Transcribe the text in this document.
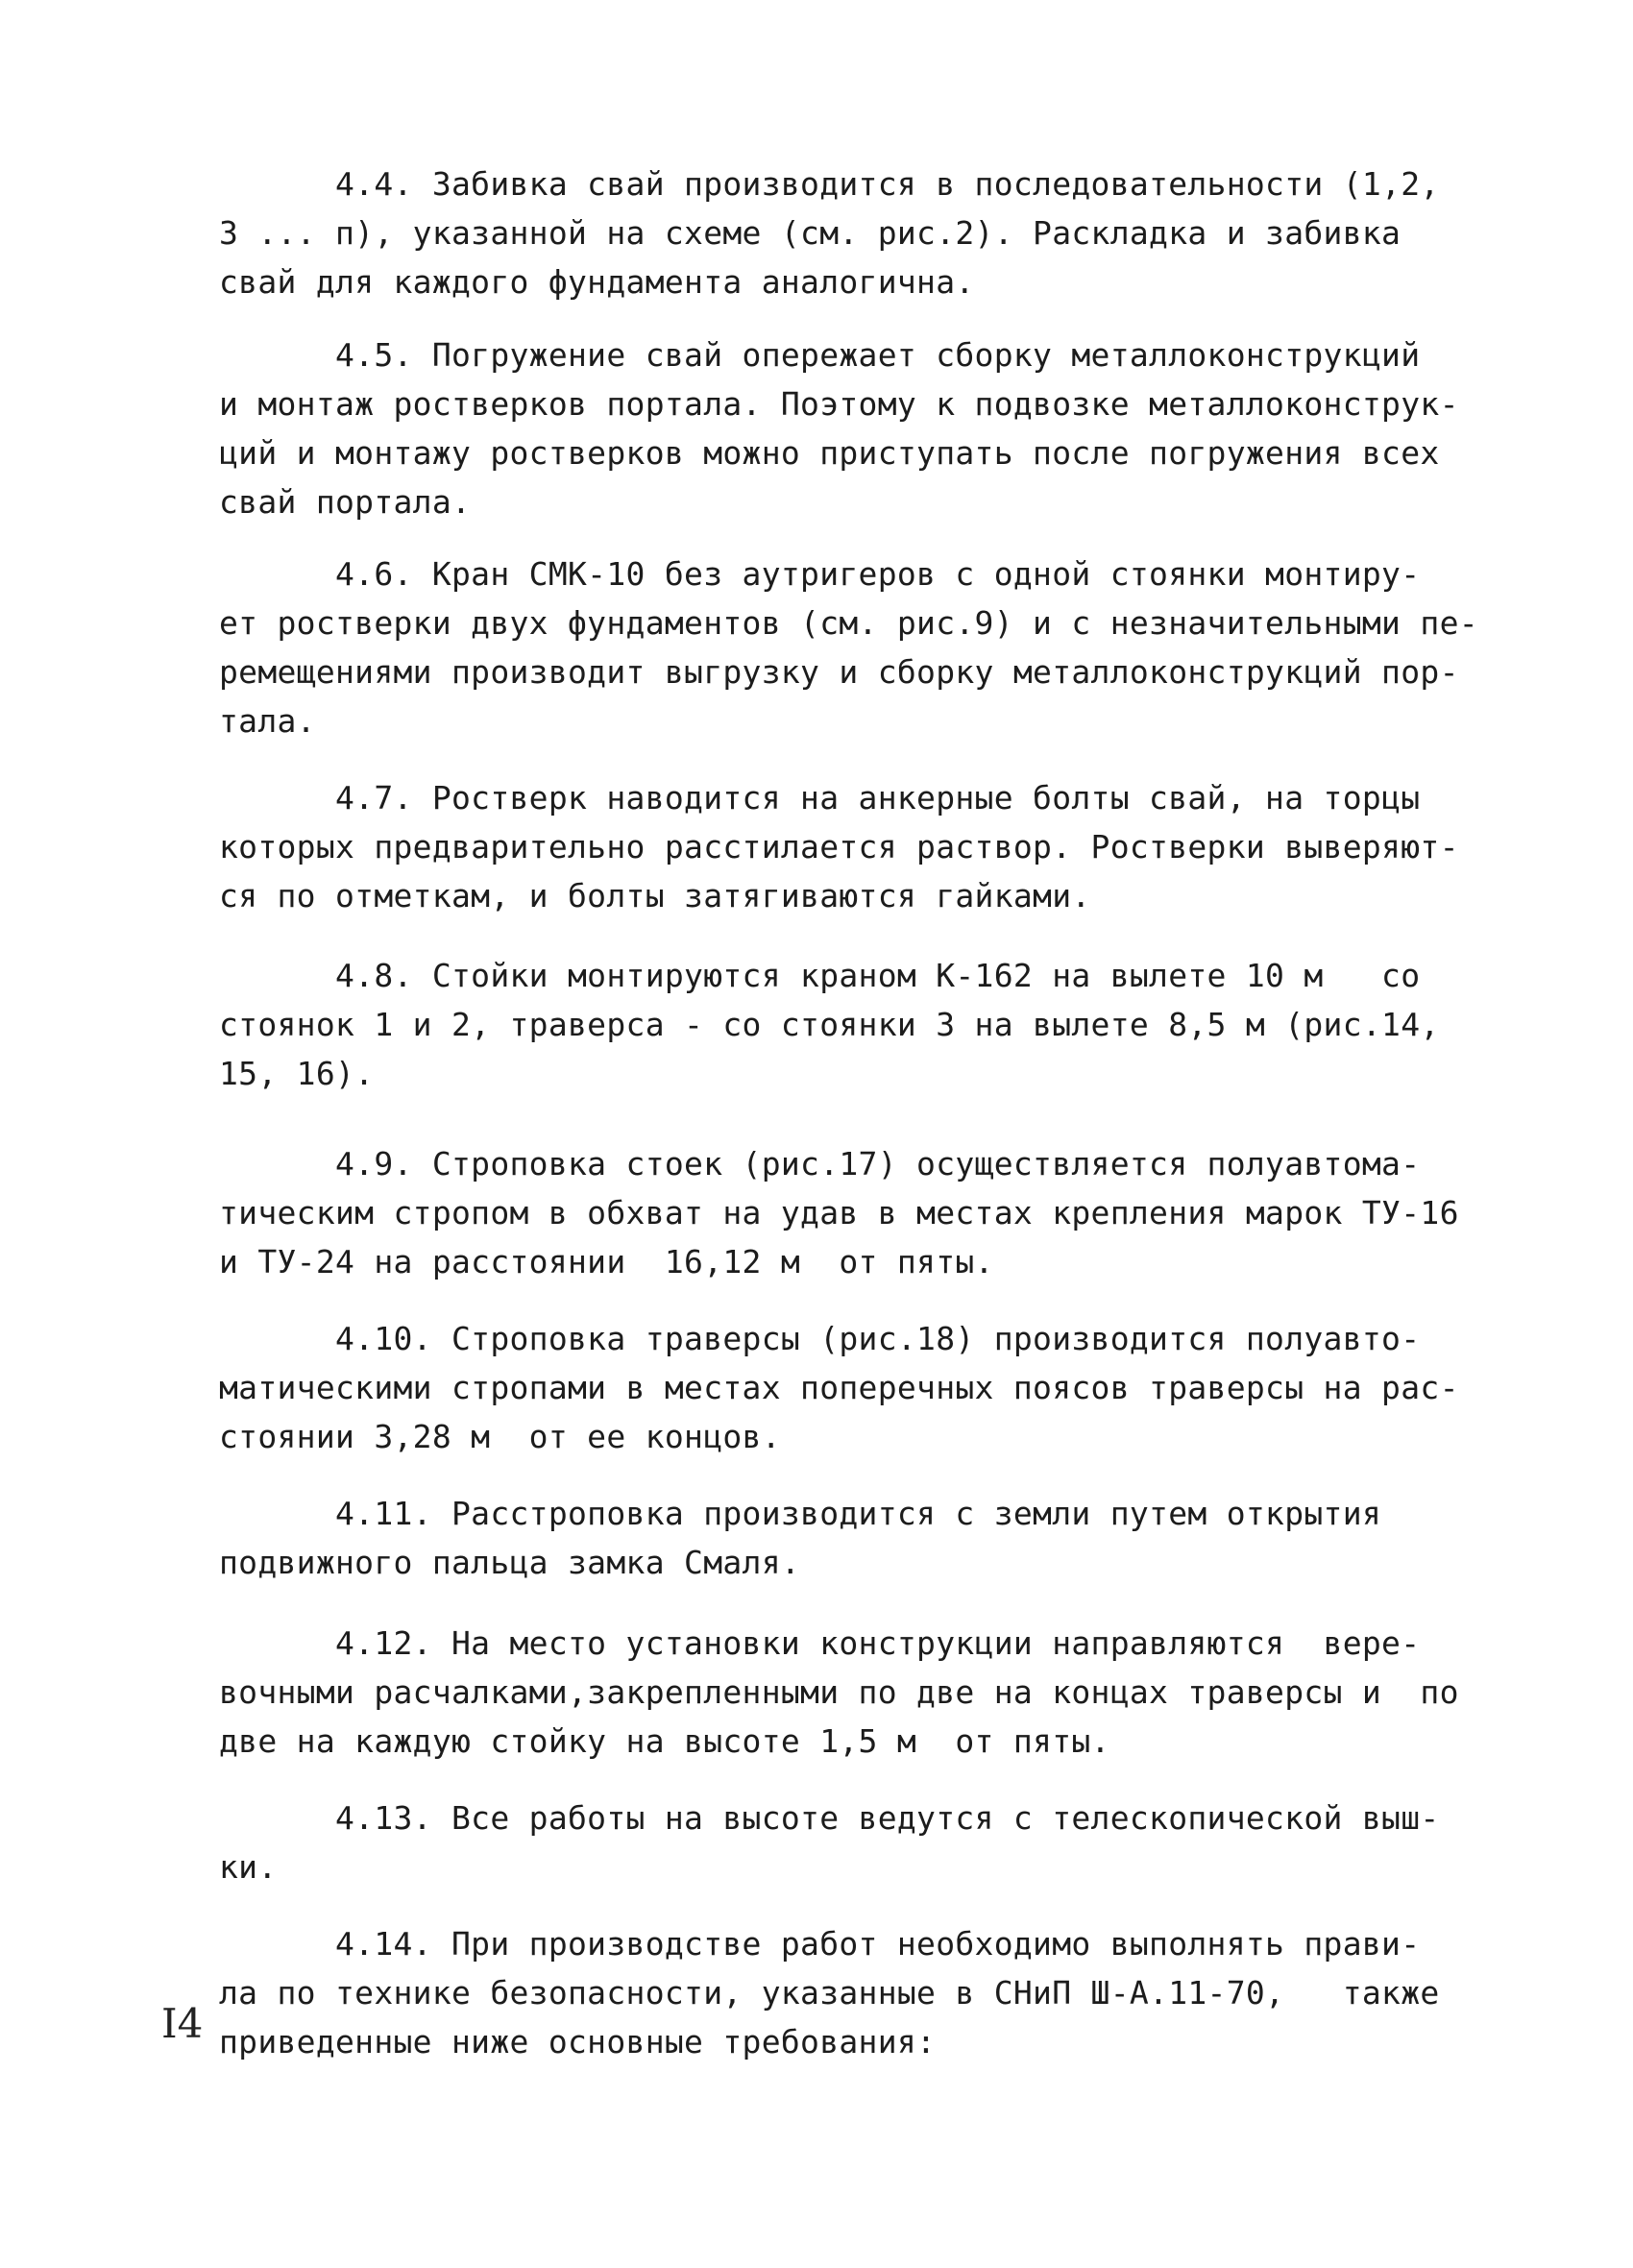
4.4. Забивка свай производится в последовательности (1,2,
3 ... п), указанной на схеме (см. рис.2). Раскладка и забивка
свай для каждого фундамента аналогична.
4.5. Погружение свай опережает сборку металлоконструкций
и монтаж ростверков портала. Поэтому к подвозке металлоконструк-
ций и монтажу ростверков можно приступать после погружения всех
свай портала.
4.6. Кран СМК-10 без аутригеров с одной стоянки монтиру-
ет ростверки двух фундаментов (см. рис.9) и с незначительными пе-
ремещениями производит выгрузку и сборку металлоконструкций пор-
тала.
4.7. Ростверк наводится на анкерные болты свай, на торцы
которых предварительно расстилается раствор. Ростверки выверяют-
ся по отметкам, и болты затягиваются гайками.
4.8. Стойки монтируются краном К-162 на вылете 10 м   со
стоянок 1 и 2, траверса - со стоянки 3 на вылете 8,5 м (рис.14,
15, 16).
4.9. Строповка стоек (рис.17) осуществляется полуавтома-
тическим стропом в обхват на удав в местах крепления марок ТУ-16
и ТУ-24 на расстоянии  16,12 м  от пяты.
4.10. Строповка траверсы (рис.18) производится полуавто-
матическими стропами в местах поперечных поясов траверсы на рас-
стоянии 3,28 м  от ее концов.
4.11. Расстроповка производится с земли путем открытия
подвижного пальца замка Смаля.
4.12. На место установки конструкции направляются  вере-
вочными расчалками,закрепленными по две на концах траверсы и  по
две на каждую стойку на высоте 1,5 м  от пяты.
4.13. Все работы на высоте ведутся с телескопической выш-
ки.
4.14. При производстве работ необходимо выполнять прави-
ла по технике безопасности, указанные в СНиП Ш-А.11-70,   также
приведенные ниже основные требования:
I4
